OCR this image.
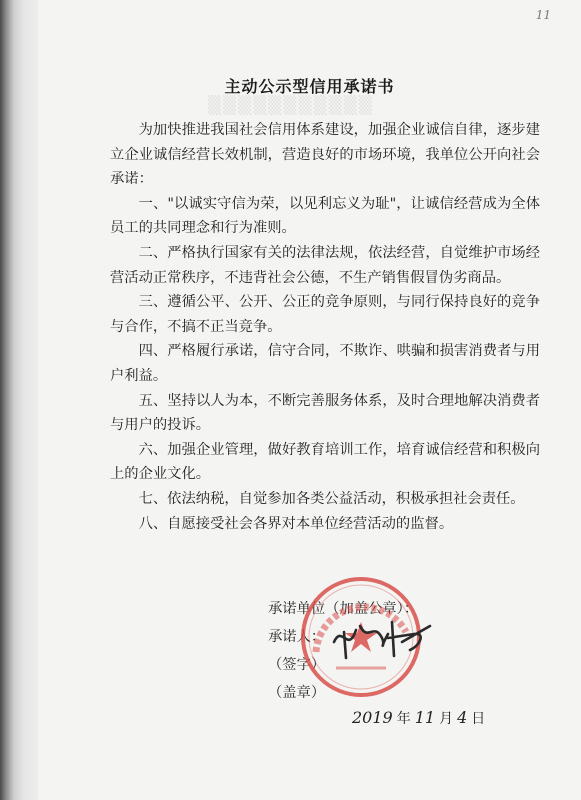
▒▒▒▒▒▒▒▒▒▒▒
11
主动公示型信用承诺书

为加快推进我国社会信用体系建设，加强企业诚信自律，逐步建立企业诚信经营长效机制，营造良好的市场环境，我单位公开向社会承诺：

一、"以诚实守信为荣，以见利忘义为耻"，让诚信经营成为全体员工的共同理念和行为准则。

二、严格执行国家有关的法律法规，依法经营，自觉维护市场经营活动正常秩序，不违背社会公德，不生产销售假冒伪劣商品。

三、遵循公平、公开、公正的竞争原则，与同行保持良好的竞争与合作，不搞不正当竞争。

四、严格履行承诺，信守合同，不欺诈、哄骗和损害消费者与用户利益。

五、坚持以人为本，不断完善服务体系，及时合理地解决消费者与用户的投诉。

六、加强企业管理，做好教育培训工作，培育诚信经营和积极向上的企业文化。

七、依法纳税，自觉参加各类公益活动，积极承担社会责任。

八、自愿接受社会各界对本单位经营活动的监督。

承诺单位（加盖公章）：
承诺人：
（签字）
（盖章）
2019 年 11 月 4 日
